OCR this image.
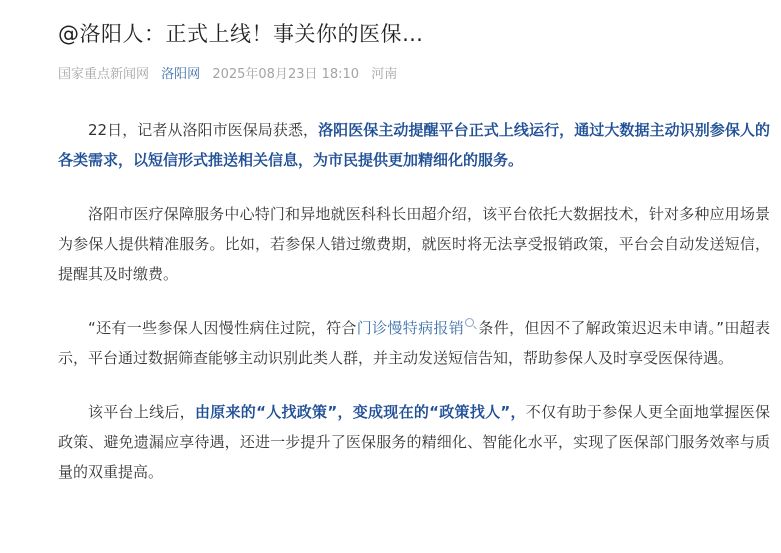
@洛阳人：正式上线！事关你的医保…
国家重点新闻网 洛阳网 2025年08月23日 18:10 河南

22日，记者从洛阳市医保局获悉，洛阳医保主动提醒平台正式上线运行，通过大数据主动识别参保人的各类需求，以短信形式推送相关信息，为市民提供更加精细化的服务。

洛阳市医疗保障服务中心特门和异地就医科科长田超介绍，该平台依托大数据技术，针对多种应用场景为参保人提供精准服务。比如，若参保人错过缴费期，就医时将无法享受报销政策，平台会自动发送短信，提醒其及时缴费。

“还有一些参保人因慢性病住过院，符合门诊慢特病报销 条件，但因不了解政策迟迟未申请。”田超表示，平台通过数据筛查能够主动识别此类人群，并主动发送短信告知，帮助参保人及时享受医保待遇。

该平台上线后，由原来的“人找政策”，变成现在的“政策找人”，不仅有助于参保人更全面地掌握医保政策、避免遗漏应享待遇，还进一步提升了医保服务的精细化、智能化水平，实现了医保部门服务效率与质量的双重提高。
